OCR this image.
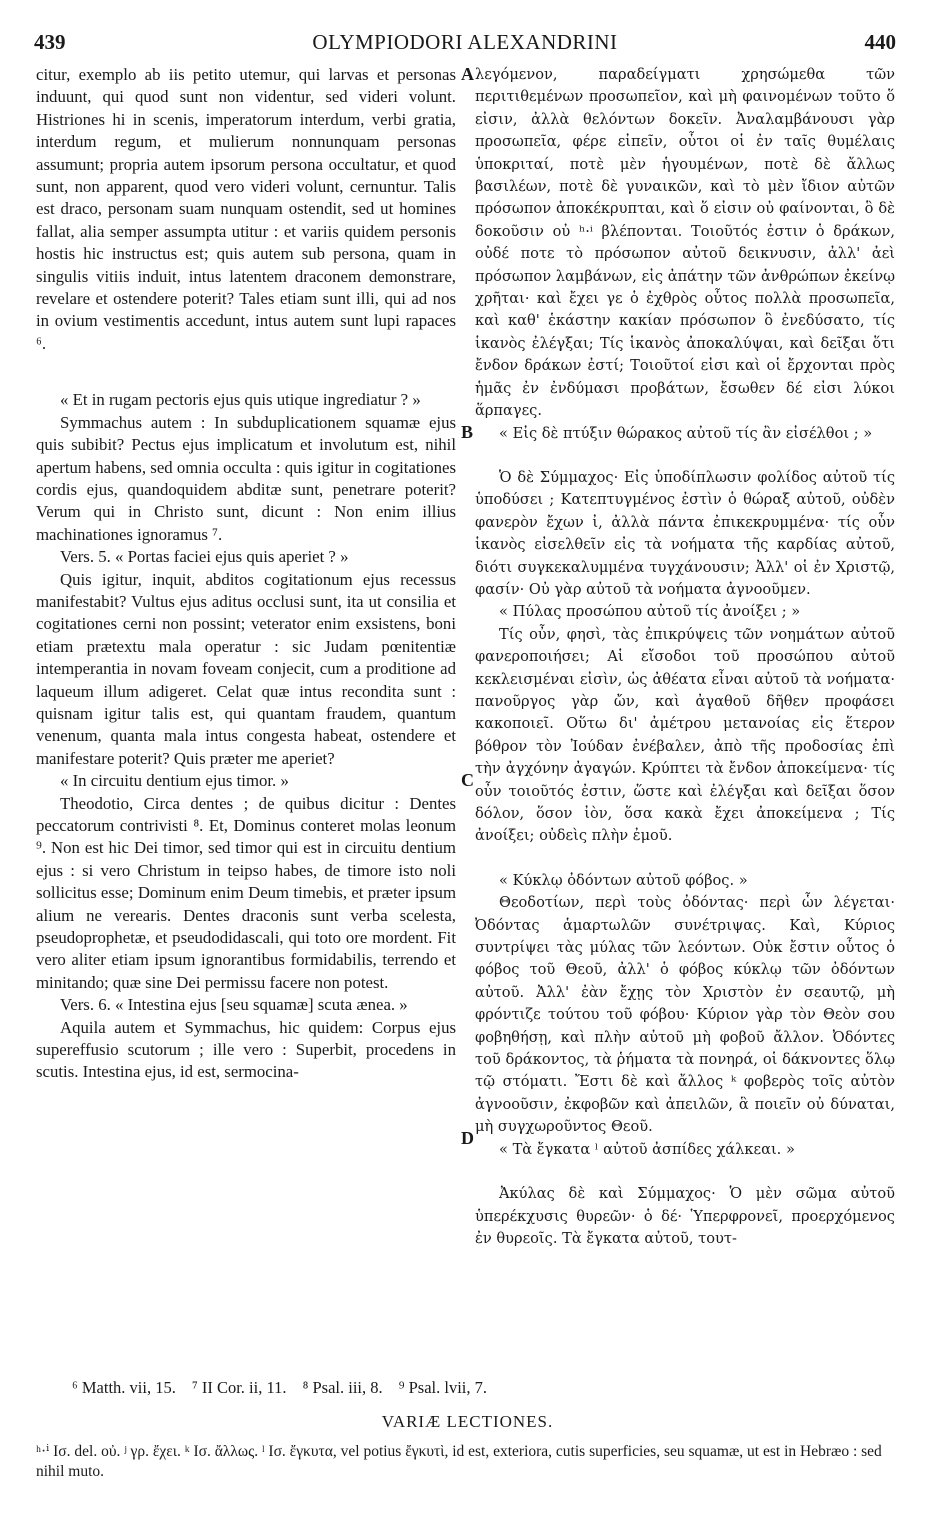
439	OLYMPIODORI ALEXANDRINI	440

citur, exemplo ab iis petito utemur, qui larvas et personas induunt, qui quod sunt non videntur, sed videri volunt. Histriones hi in scenis, imperatorum interdum, verbi gratia, interdum regum, et mulierum nonnunquam personas assumunt; propria autem ipsorum persona occultatur, et quod sunt, non apparent, quod vero videri volunt, cernuntur. Talis est draco, personam suam nunquam ostendit, sed ut homines fallat, alia semper assumpta utitur : et variis quidem personis hostis hic instructus est; quis autem sub persona, quam in singulis vitiis induit, intus latentem draconem demonstrare, revelare et ostendere poterit? Tales etiam sunt illi, qui ad nos in ovium vestimentis accedunt, intus autem sunt lupi rapaces ⁶.

« Et in rugam pectoris ejus quis utique ingrediatur ? »

Symmachus autem : In subduplicationem squamæ ejus quis subibit? Pectus ejus implicatum et involutum est, nihil apertum habens, sed omnia occulta : quis igitur in cogitationes cordis ejus, quandoquidem abditæ sunt, penetrare poterit? Verum qui in Christo sunt, dicunt : Non enim illius machinationes ignoramus ⁷.

Vers. 5. « Portas faciei ejus quis aperiet ? »

Quis igitur, inquit, abditos cogitationum ejus recessus manifestabit? Vultus ejus aditus occlusi sunt, ita ut consilia et cogitationes cerni non possint; veterator enim exsistens, boni etiam prætextu mala operatur : sic Judam pœnitentiæ intemperantia in novam foveam conjecit, cum a proditione ad laqueum illum adigeret. Celat quæ intus recondita sunt : quisnam igitur talis est, qui quantam fraudem, quantum venenum, quanta mala intus congesta habeat, ostendere et manifestare poterit? Quis præter me aperiet?

« In circuitu dentium ejus timor. »

Theodotio, Circa dentes ; de quibus dicitur : Dentes peccatorum contrivisti ⁸. Et, Dominus conteret molas leonum ⁹. Non est hic Dei timor, sed timor qui est in circuitu dentium ejus : si vero Christum in teipso habes, de timore isto noli sollicitus esse; Dominum enim Deum timebis, et præter ipsum alium ne verearis. Dentes draconis sunt verba scelesta, pseudoprophetæ, et pseudodidascali, qui toto ore mordent. Fit vero aliter etiam ipsum ignorantibus formidabilis, terrendo et minitando; quæ sine Dei permissu facere non potest.

Vers. 6. « Intestina ejus [seu squamæ] scuta ænea. »

Aquila autem et Symmachus, hic quidem: Corpus ejus supereffusio scutorum ; ille vero : Superbit, procedens in scutis. Intestina ejus, id est, sermocina-

A
B
C
D

λεγόμενον, παραδείγματι χρησώμεθα τῶν περιτιθεμένων προσωπεῖον, καὶ μὴ φαινομένων τοῦτο ὅ εἰσιν, ἀλλὰ θελόντων δοκεῖν. Ἀναλαμβάνουσι γὰρ προσωπεῖα, φέρε εἰπεῖν, οὗτοι οἱ ἐν ταῖς θυμέλαις ὑποκριταί, ποτὲ μὲν ἡγουμένων, ποτὲ δὲ ἄλλως βασιλέων, ποτὲ δὲ γυναικῶν, καὶ τὸ μὲν ἴδιον αὐτῶν πρόσωπον ἀποκέκρυπται, καὶ ὅ εἰσιν οὐ φαίνονται, ὃ δὲ δοκοῦσιν οὐ ʰ·ⁱ βλέπονται. Τοιοῦτός ἐστιν ὁ δράκων, οὐδέ ποτε τὸ πρόσωπον αὐτοῦ δεικνυσιν, ἀλλ' ἀεὶ πρόσωπον λαμβάνων, εἰς ἀπάτην τῶν ἀνθρώπων ἐκείνῳ χρῆται· καὶ ἔχει γε ὁ ἐχθρὸς οὗτος πολλὰ προσωπεῖα, καὶ καθ' ἑκάστην κακίαν πρόσωπον ὃ ἐνεδύσατο, τίς ἱκανὸς ἐλέγξαι; Τίς ἱκανὸς ἀποκαλύψαι, καὶ δεῖξαι ὅτι ἔνδον δράκων ἐστί; Τοιοῦτοί εἰσι καὶ οἱ ἔρχονται πρὸς ἡμᾶς ἐν ἐνδύμασι προβάτων, ἔσωθεν δέ εἰσι λύκοι ἅρπαγες.

« Εἰς δὲ πτύξιν θώρακος αὐτοῦ τίς ἂν εἰσέλθοι ; »

Ὁ δὲ Σύμμαχος· Εἰς ὑποδίπλωσιν φολίδος αὐτοῦ τίς ὑποδύσει ; Κατεπτυγμένος ἐστὶν ὁ θώραξ αὐτοῦ, οὐδὲν φανερὸν ἔχων ἰ, ἀλλὰ πάντα ἐπικεκρυμμένα· τίς οὖν ἱκανὸς εἰσελθεῖν εἰς τὰ νοήματα τῆς καρδίας αὐτοῦ, διότι συγκεκαλυμμένα τυγχάνουσιν; Ἀλλ' οἱ ἐν Χριστῷ, φασίν· Οὐ γὰρ αὐτοῦ τὰ νοήματα ἀγνοοῦμεν.

« Πύλας προσώπου αὐτοῦ τίς ἀνοίξει ; »

Τίς οὖν, φησὶ, τὰς ἐπικρύψεις τῶν νοημάτων αὐτοῦ φανεροποιήσει; Αἱ εἴσοδοι τοῦ προσώπου αὐτοῦ κεκλεισμέναι εἰσὶν, ὡς ἀθέατα εἶναι αὐτοῦ τὰ νοήματα· πανοῦργος γὰρ ὤν, καὶ ἀγαθοῦ δῆθεν προφάσει κακοποιεῖ. Οὕτω δι' ἀμέτρου μετανοίας εἰς ἕτερον βόθρον τὸν Ἰούδαν ἐνέβαλεν, ἀπὸ τῆς προδοσίας ἐπὶ τὴν ἀγχόνην ἀγαγών. Κρύπτει τὰ ἔνδον ἀποκείμενα· τίς οὖν τοιοῦτός ἐστιν, ὥστε καὶ ἐλέγξαι καὶ δεῖξαι ὅσον δόλον, ὅσον ἰὸν, ὅσα κακὰ ἔχει ἀποκείμενα ; Τίς ἀνοίξει; οὐδεὶς πλὴν ἐμοῦ.

« Κύκλῳ ὀδόντων αὐτοῦ φόβος. »

Θεοδοτίων, περὶ τοὺς ὀδόντας· περὶ ὧν λέγεται· Ὀδόντας ἁμαρτωλῶν συνέτριψας. Καὶ, Κύριος συντρίψει τὰς μύλας τῶν λεόντων. Οὐκ ἔστιν οὗτος ὁ φόβος τοῦ Θεοῦ, ἀλλ' ὁ φόβος κύκλῳ τῶν ὀδόντων αὐτοῦ. Ἀλλ' ἐὰν ἔχῃς τὸν Χριστὸν ἐν σεαυτῷ, μὴ φρόντιζε τούτου τοῦ φόβου· Κύριον γὰρ τὸν Θεὸν σου φοβηθήσῃ, καὶ πλὴν αὐτοῦ μὴ φοβοῦ ἄλλον. Ὀδόντες τοῦ δράκοντος, τὰ ῥήματα τὰ πονηρά, οἱ δάκνοντες ὅλῳ τῷ στόματι. Ἔστι δὲ καὶ ἄλλος ᵏ φοβερὸς τοῖς αὐτὸν ἀγνοοῦσιν, ἐκφοβῶν καὶ ἀπειλῶν, ἃ ποιεῖν οὐ δύναται, μὴ συγχωροῦντος Θεοῦ.

« Τὰ ἔγκατα ˡ αὐτοῦ ἀσπίδες χάλκεαι. »

Ἀκύλας δὲ καὶ Σύμμαχος· Ὁ μὲν σῶμα αὐτοῦ ὑπερέκχυσις θυρεῶν· ὁ δέ· Ὑπερφρονεῖ, προερχόμενος ἐν θυρεοῖς. Τὰ ἔγκατα αὐτοῦ, τουτ-

⁶ Matth. vii, 15. ⁷ II Cor. ii, 11. ⁸ Psal. iii, 8. ⁹ Psal. lvii, 7.
VARIÆ LECTIONES.

ʰ·ⁱ Iσ. del. οὐ. ʲ γρ. ἔχει. ᵏ Iσ. ἄλλως. ˡ Iσ. ἔγκυτα, vel potius ἔγκυτὶ, id est, exteriora, cutis superficies, seu squamæ, ut est in Hebræo : sed nihil muto.
